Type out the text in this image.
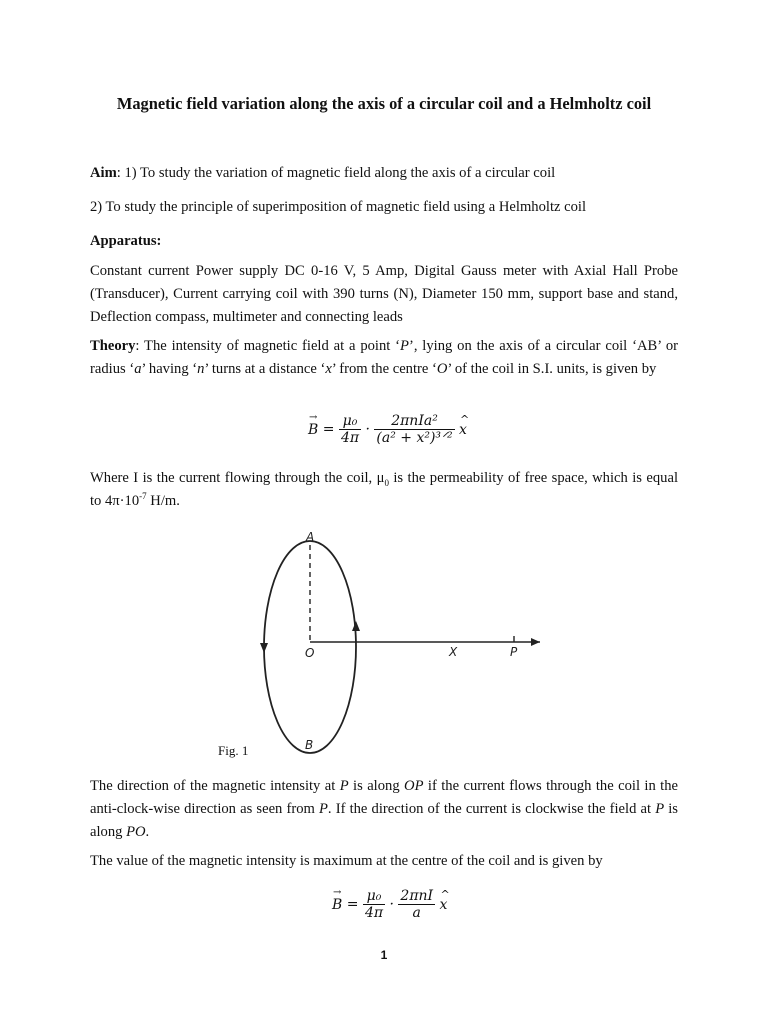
Magnetic field variation along the axis of a circular coil and a Helmholtz coil

Aim: 1) To study the variation of magnetic field along the axis of a circular coil

2) To study the principle of superimposition of magnetic field using a Helmholtz coil

Apparatus:

Constant current Power supply DC 0-16 V, 5 Amp, Digital Gauss meter with Axial Hall Probe (Transducer), Current carrying coil with 390 turns (N), Diameter 150 mm, support base and stand, Deflection compass, multimeter and connecting leads

Theory: The intensity of magnetic field at a point ‘P’, lying on the axis of a circular coil ‘AB’ or radius ‘a’ having ‘n’ turns at a distance ‘x’ from the centre ‘O’ of the coil in S.I. units, is given by

→ $B = \frac{\text{μ₀}}{4\pi} \cdot \frac{\text{2πnIa²}}{\text{(a² + x²)³ᐟ²}}$ ^ x

Where I is the current flowing through the coil, $\mu_0$ is the permeability of free space, which is equal to $4\pi\cdot 10^{-7}$ H/m.

The direction of the magnetic intensity at P is along OP if the current flows through the coil in the anti-clock-wise direction as seen from P. If the direction of the current is clockwise the field at P is along PO.

The value of the magnetic intensity is maximum at the centre of the coil and is given by

→ $B = \frac{\text{μ₀}}{4\pi} \cdot \frac{\text{2πnI}}{a}$ ^ x
A
O	X	P
B
Fig. 1
1
